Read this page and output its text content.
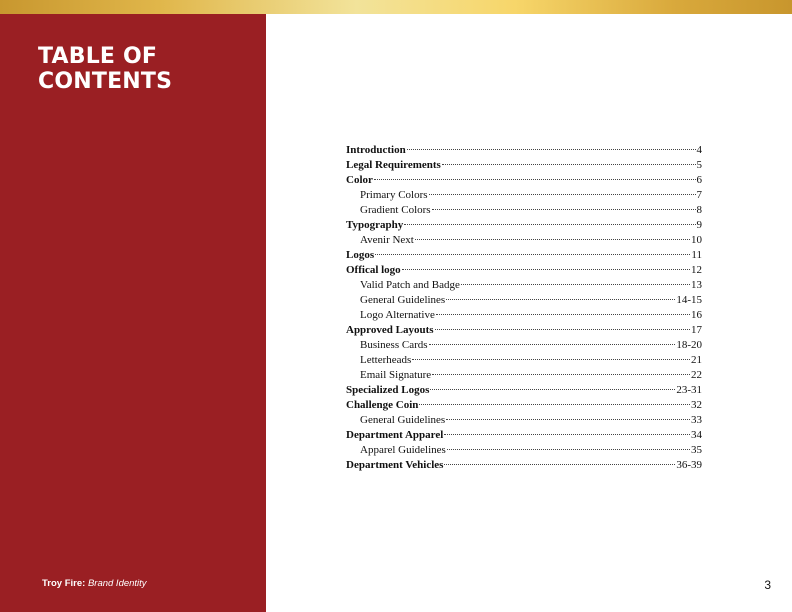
TABLE OF
CONTENTS
Troy Fire: Brand Identity	3
Introduction	4
Legal Requirements	5
Color	6
Primary Colors	7
Gradient Colors	8
Typography	9
Avenir Next	10
Logos	11
Offical logo	12
Valid Patch and Badge	13
General Guidelines	14-15
Logo Alternative	16
Approved Layouts	17
Business Cards	18-20
Letterheads	21
Email Signature	22
Specialized Logos	23-31
Challenge Coin	32
General Guidelines	33
Department Apparel	34
Apparel Guidelines	35
Department Vehicles	36-39
